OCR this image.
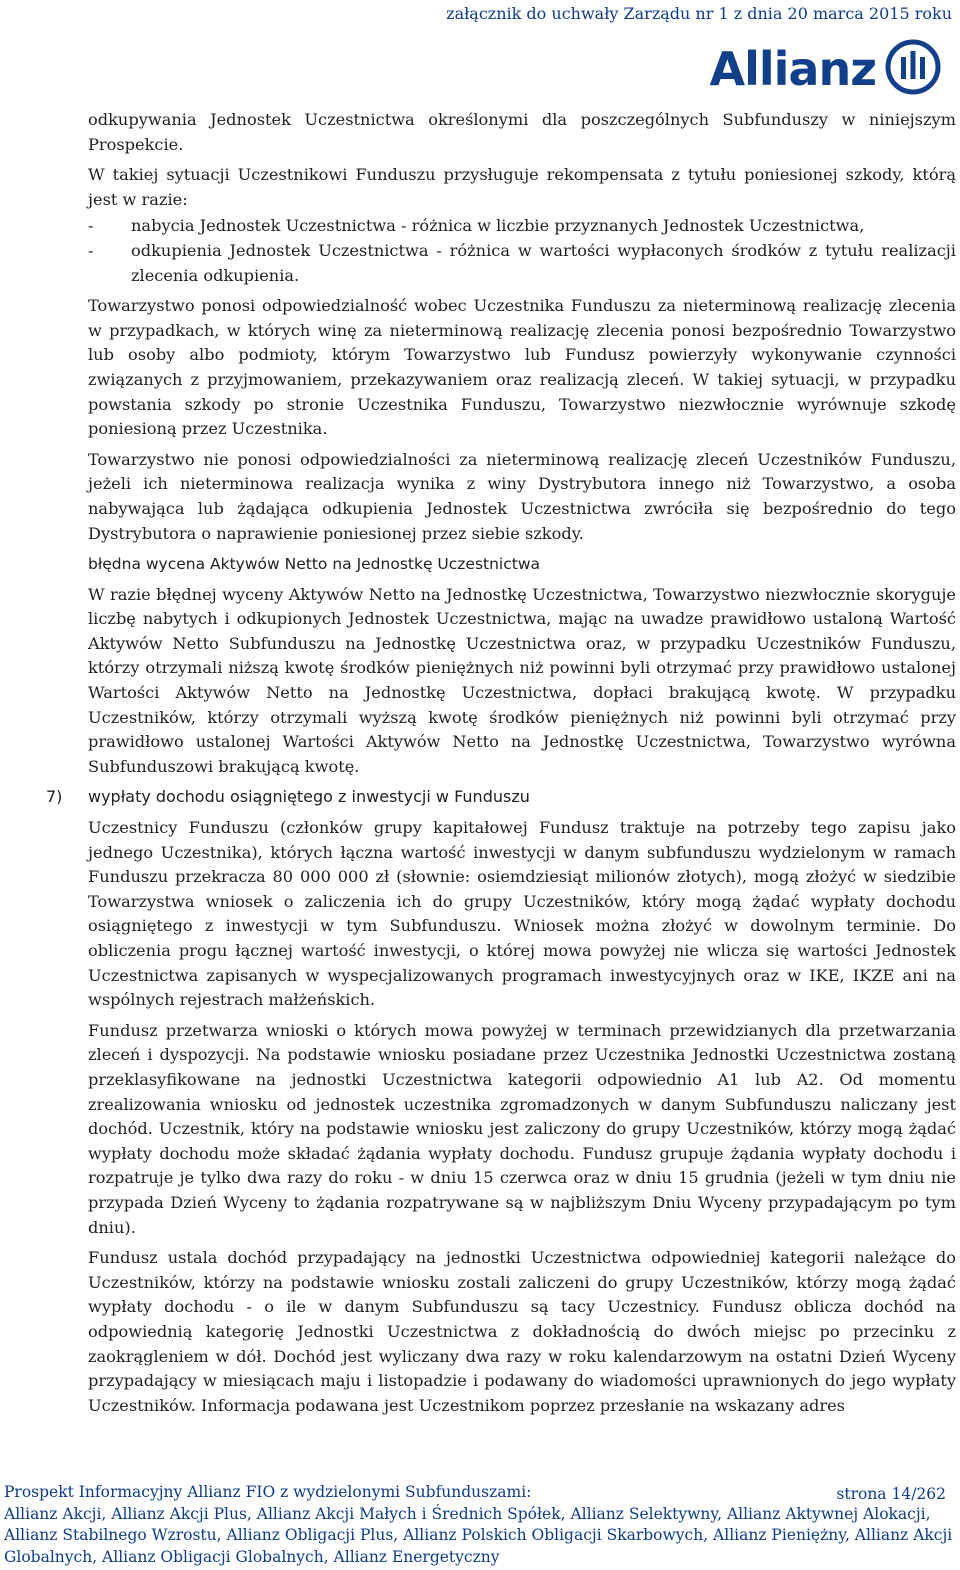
załącznik do uchwały Zarządu nr 1 z dnia 20 marca 2015 roku
Allianz

odkupywania Jednostek Uczestnictwa określonymi dla poszczególnych Subfunduszy w niniejszym Prospekcie.

W takiej sytuacji Uczestnikowi Funduszu przysługuje rekompensata z tytułu poniesionej szkody, którą jest w razie:

- nabycia Jednostek Uczestnictwa - różnica w liczbie przyznanych Jednostek Uczestnictwa,
- odkupienia Jednostek Uczestnictwa - różnica w wartości wypłaconych środków z tytułu realizacji zlecenia odkupienia.

Towarzystwo ponosi odpowiedzialność wobec Uczestnika Funduszu za nieterminową realizację zlecenia w przypadkach, w których winę za nieterminową realizację zlecenia ponosi bezpośrednio Towarzystwo lub osoby albo podmioty, którym Towarzystwo lub Fundusz powierzyły wykonywanie czynności związanych z przyjmowaniem, przekazywaniem oraz realizacją zleceń. W takiej sytuacji, w przypadku powstania szkody po stronie Uczestnika Funduszu, Towarzystwo niezwłocznie wyrównuje szkodę poniesioną przez Uczestnika.

Towarzystwo nie ponosi odpowiedzialności za nieterminową realizację zleceń Uczestników Funduszu, jeżeli ich nieterminowa realizacja wynika z winy Dystrybutora innego niż Towarzystwo, a osoba nabywająca lub żądająca odkupienia Jednostek Uczestnictwa zwróciła się bezpośrednio do tego Dystrybutora o naprawienie poniesionej przez siebie szkody.

błędna wycena Aktywów Netto na Jednostkę Uczestnictwa

W razie błędnej wyceny Aktywów Netto na Jednostkę Uczestnictwa, Towarzystwo niezwłocznie skoryguje liczbę nabytych i odkupionych Jednostek Uczestnictwa, mając na uwadze prawidłowo ustaloną Wartość Aktywów Netto Subfunduszu na Jednostkę Uczestnictwa oraz, w przypadku Uczestników Funduszu, którzy otrzymali niższą kwotę środków pieniężnych niż powinni byli otrzymać przy prawidłowo ustalonej Wartości Aktywów Netto na Jednostkę Uczestnictwa, dopłaci brakującą kwotę. W przypadku Uczestników, którzy otrzymali wyższą kwotę środków pieniężnych niż powinni byli otrzymać przy prawidłowo ustalonej Wartości Aktywów Netto na Jednostkę Uczestnictwa, Towarzystwo wyrówna Subfunduszowi brakującą kwotę.

7) wypłaty dochodu osiągniętego z inwestycji w Funduszu

Uczestnicy Funduszu (członków grupy kapitałowej Fundusz traktuje na potrzeby tego zapisu jako jednego Uczestnika), których łączna wartość inwestycji w danym subfunduszu wydzielonym w ramach Funduszu przekracza 80 000 000 zł (słownie: osiemdziesiąt milionów złotych), mogą złożyć w siedzibie Towarzystwa wniosek o zaliczenia ich do grupy Uczestników, który mogą żądać wypłaty dochodu osiągniętego z inwestycji w tym Subfunduszu. Wniosek można złożyć w dowolnym terminie. Do obliczenia progu łącznej wartość inwestycji, o której mowa powyżej nie wlicza się wartości Jednostek Uczestnictwa zapisanych w wyspecjalizowanych programach inwestycyjnych oraz w IKE, IKZE ani na wspólnych rejestrach małżeńskich.

Fundusz przetwarza wnioski o których mowa powyżej w terminach przewidzianych dla przetwarzania zleceń i dyspozycji. Na podstawie wniosku posiadane przez Uczestnika Jednostki Uczestnictwa zostaną przeklasyfikowane na jednostki Uczestnictwa kategorii odpowiednio A1 lub A2. Od momentu zrealizowania wniosku od jednostek uczestnika zgromadzonych w danym Subfunduszu naliczany jest dochód. Uczestnik, który na podstawie wniosku jest zaliczony do grupy Uczestników, którzy mogą żądać wypłaty dochodu może składać żądania wypłaty dochodu. Fundusz grupuje żądania wypłaty dochodu i rozpatruje je tylko dwa razy do roku - w dniu 15 czerwca oraz w dniu 15 grudnia (jeżeli w tym dniu nie przypada Dzień Wyceny to żądania rozpatrywane są w najbliższym Dniu Wyceny przypadającym po tym dniu).

Fundusz ustala dochód przypadający na jednostki Uczestnictwa odpowiedniej kategorii należące do Uczestników, którzy na podstawie wniosku zostali zaliczeni do grupy Uczestników, którzy mogą żądać wypłaty dochodu - o ile w danym Subfunduszu są tacy Uczestnicy. Fundusz oblicza dochód na odpowiednią kategorię Jednostki Uczestnictwa z dokładnością do dwóch miejsc po przecinku z zaokrągleniem w dół. Dochód jest wyliczany dwa razy w roku kalendarzowym na ostatni Dzień Wyceny przypadający w miesiącach maju i listopadzie i podawany do wiadomości uprawnionych do jego wypłaty Uczestników. Informacja podawana jest Uczestnikom poprzez przesłanie na wskazany adres

strona 14/262
Prospekt Informacyjny Allianz FIO z wydzielonymi Subfunduszami:
Allianz Akcji, Allianz Akcji Plus, Allianz Akcji Małych i Średnich Spółek, Allianz Selektywny, Allianz Aktywnej Alokacji,
Allianz Stabilnego Wzrostu, Allianz Obligacji Plus, Allianz Polskich Obligacji Skarbowych, Allianz Pieniężny, Allianz Akcji
Globalnych, Allianz Obligacji Globalnych, Allianz Energetyczny
